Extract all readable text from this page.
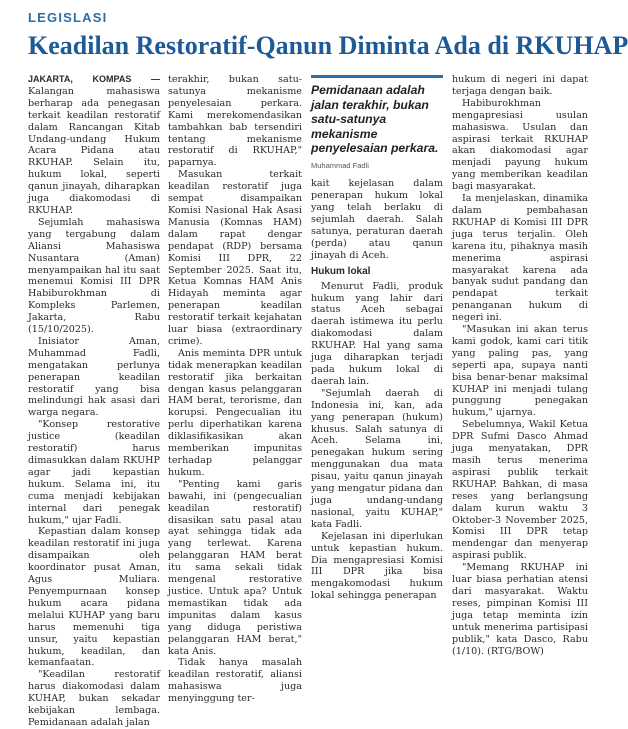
LEGISLASI
Keadilan Restoratif-Qanun Diminta Ada di RKUHAP

JAKARTA, KOMPAS — Kalangan mahasiswa berharap ada penegasan terkait keadilan restoratif dalam Rancangan Kitab Undang-undang Hukum Acara Pidana atau RKUHAP. Selain itu, hukum lokal, seperti qanun jinayah, diharapkan juga diakomodasi di RKUHAP.

Sejumlah mahasiswa yang tergabung dalam Aliansi Mahasiswa Nusantara (Aman) menyampaikan hal itu saat menemui Komisi III DPR Habiburokhman di Kompleks Parlemen, Jakarta, Rabu (15/10/2025).

Inisiator Aman, Muhammad Fadli, mengatakan perlunya penerapan keadilan restoratif yang bisa melindungi hak asasi dari warga negara.

"Konsep restorative justice (keadilan restoratif) harus dimasukkan dalam RKUHP agar jadi kepastian hukum. Selama ini, itu cuma menjadi kebijakan internal dari penegak hukum," ujar Fadli.

Kepastian dalam konsep keadilan restoratif ini juga disampaikan oleh koordinator pusat Aman, Agus Muliara. Penyempurnaan konsep hukum acara pidana melalui KUHAP yang baru harus memenuhi tiga unsur, yaitu kepastian hukum, keadilan, dan kemanfaatan.

"Keadilan restoratif harus diakomodasi dalam KUHAP, bukan sekadar kebijakan lembaga. Pemidanaan adalah jalan

terakhir, bukan satu-satunya mekanisme penyelesaian perkara. Kami merekomendasikan tambahkan bab tersendiri tentang mekanisme restoratif di RKUHAP," paparnya.

Masukan terkait keadilan restoratif juga sempat disampaikan Komisi Nasional Hak Asasi Manusia (Komnas HAM) dalam rapat dengar pendapat (RDP) bersama Komisi III DPR, 22 September 2025. Saat itu, Ketua Komnas HAM Anis Hidayah meminta agar penerapan keadilan restoratif terkait kejahatan luar biasa (extraordinary crime).

Anis meminta DPR untuk tidak menerapkan keadilan restoratif jika berkaitan dengan kasus pelanggaran HAM berat, terorisme, dan korupsi. Pengecualian itu perlu diperhatikan karena diklasifikasikan akan memberikan impunitas terhadap pelanggar hukum.

"Penting kami garis bawahi, ini (pengecualian keadilan restoratif) disasikan satu pasal atau ayat sehingga tidak ada yang terlewat. Karena pelanggaran HAM berat itu sama sekali tidak mengenal restorative justice. Untuk apa? Untuk memastikan tidak ada impunitas dalam kasus yang diduga peristiwa pelanggaran HAM berat," kata Anis.

Tidak hanya masalah keadilan restoratif, aliansi mahasiswa juga menyinggung ter-

Pemidanaan adalah jalan terakhir, bukan satu-satunya mekanisme penyelesaian perkara.
Muhammad Fadli

kait kejelasan dalam penerapan hukum lokal yang telah berlaku di sejumlah daerah. Salah satunya, peraturan daerah (perda) atau qanun jinayah di Aceh.

Hukum lokal

Menurut Fadli, produk hukum yang lahir dari status Aceh sebagai daerah istimewa itu perlu diakomodasi dalam RKUHAP. Hal yang sama juga diharapkan terjadi pada hukum lokal di daerah lain.

"Sejumlah daerah di Indonesia ini, kan, ada yang penerapan (hukum) khusus. Salah satunya di Aceh. Selama ini, penegakan hukum sering menggunakan dua mata pisau, yaitu qanun jinayah yang mengatur pidana dan juga undang-undang nasional, yaitu KUHAP," kata Fadli.

Kejelasan ini diperlukan untuk kepastian hukum. Dia mengapresiasi Komisi III DPR jika bisa mengakomodasi hukum lokal sehingga penerapan

hukum di negeri ini dapat terjaga dengan baik.

Habiburokhman mengapresiasi usulan mahasiswa. Usulan dan aspirasi terkait RKUHAP akan diakomodasi agar menjadi payung hukum yang memberikan keadilan bagi masyarakat.

Ia menjelaskan, dinamika dalam pembahasan RKUHAP di Komisi III DPR juga terus terjalin. Oleh karena itu, pihaknya masih menerima aspirasi masyarakat karena ada banyak sudut pandang dan pendapat terkait penanganan hukum di negeri ini.

"Masukan ini akan terus kami godok, kami cari titik yang paling pas, yang seperti apa, supaya nanti bisa benar-benar maksimal KUHAP ini menjadi tulang punggung penegakan hukum," ujarnya.

Sebelumnya, Wakil Ketua DPR Sufmi Dasco Ahmad juga menyatakan, DPR masih terus menerima aspirasi publik terkait RKUHAP. Bahkan, di masa reses yang berlangsung dalam kurun waktu 3 Oktober-3 November 2025, Komisi III DPR tetap mendengar dan menyerap aspirasi publik.

"Memang RKUHAP ini luar biasa perhatian atensi dari masyarakat. Waktu reses, pimpinan Komisi III juga tetap meminta izin untuk menerima partisipasi publik," kata Dasco, Rabu (1/10). (RTG/BOW)
